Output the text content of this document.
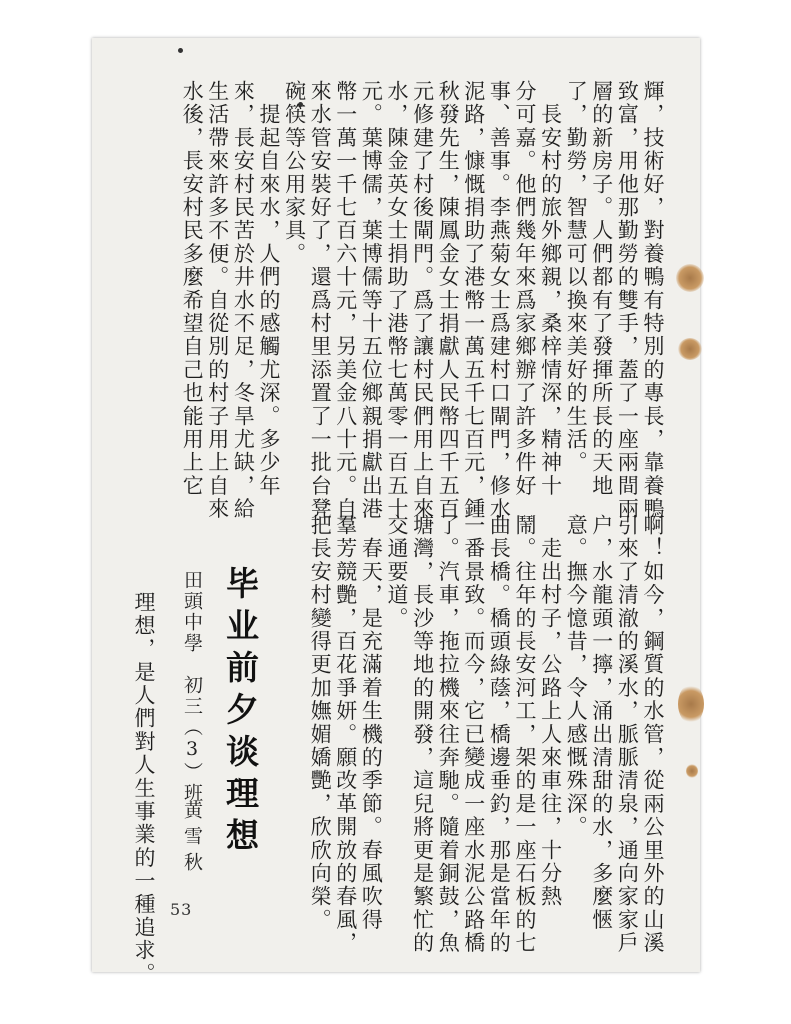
輝，技術好，對養鴨有特別的專長，靠養鴨
致富，用他那勤勞的雙手，蓋了一座兩間兩
層的新房子。人們都有了發揮所長的天地
了，勤勞，智慧可以換來美好的生活。
　長安村的旅外鄉親，桑梓情深，精神十
分可嘉。他們幾年來爲家鄉辦了許多件好
事、善事。李燕菊女士爲建村口閘門，修水
泥路，慷慨捐助了港幣一萬五千七百元，鍾
秋發先生，陳鳳金女士捐獻人民幣四千五百
元修建了村後閘門。爲了讓村民們用上自來
水，陳金英女士捐助了港幣七萬零一百五十
元。葉博儒，葉博儒等十五位鄉親捐獻出港
幣一萬一千七百六十元，另美金八十元。自
來水管安裝好了，還爲村里添置了一批台凳
碗筷等公用家具。
　提起自來水，人們的感觸尤深。多少年
來，長安村民苦於井水不足，冬旱尤缺，給
生活帶來許多不便。自從別的村子用上自來
水後，長安村民多麼希望自己也能用上它
啊！如今，鋼質的水管，從兩公里外的山溪
引來了清澈的溪水，脈脈清泉，通向家家戶
户，水龍頭一擰，涌出清甜的水，多麼愜
意。撫今憶昔，令人感慨殊深。
　走出村子，公路上人來車往，十分熱
鬧。往年的長安河工，架的是一座石板的七
曲長橋。橋頭綠蔭，橋邊垂釣，那是當年的
一番景致。而今，它已變成一座水泥公路橋
了。汽車，拖拉機來往奔馳。隨着銅鼓，魚
塘灣，長沙等地的開發，這兒將更是繁忙的
交通要道。
　春天，是充滿着生機的季節。春風吹得
羣芳競艷，百花爭妍。願改革開放的春風，
把長安村變得更加嫵媚嬌艷，欣欣向榮。
毕业前夕谈理想
田頭中學　初三（3）班
黄雪秋
　理想，是人們對人生事業的一種追求。 53
